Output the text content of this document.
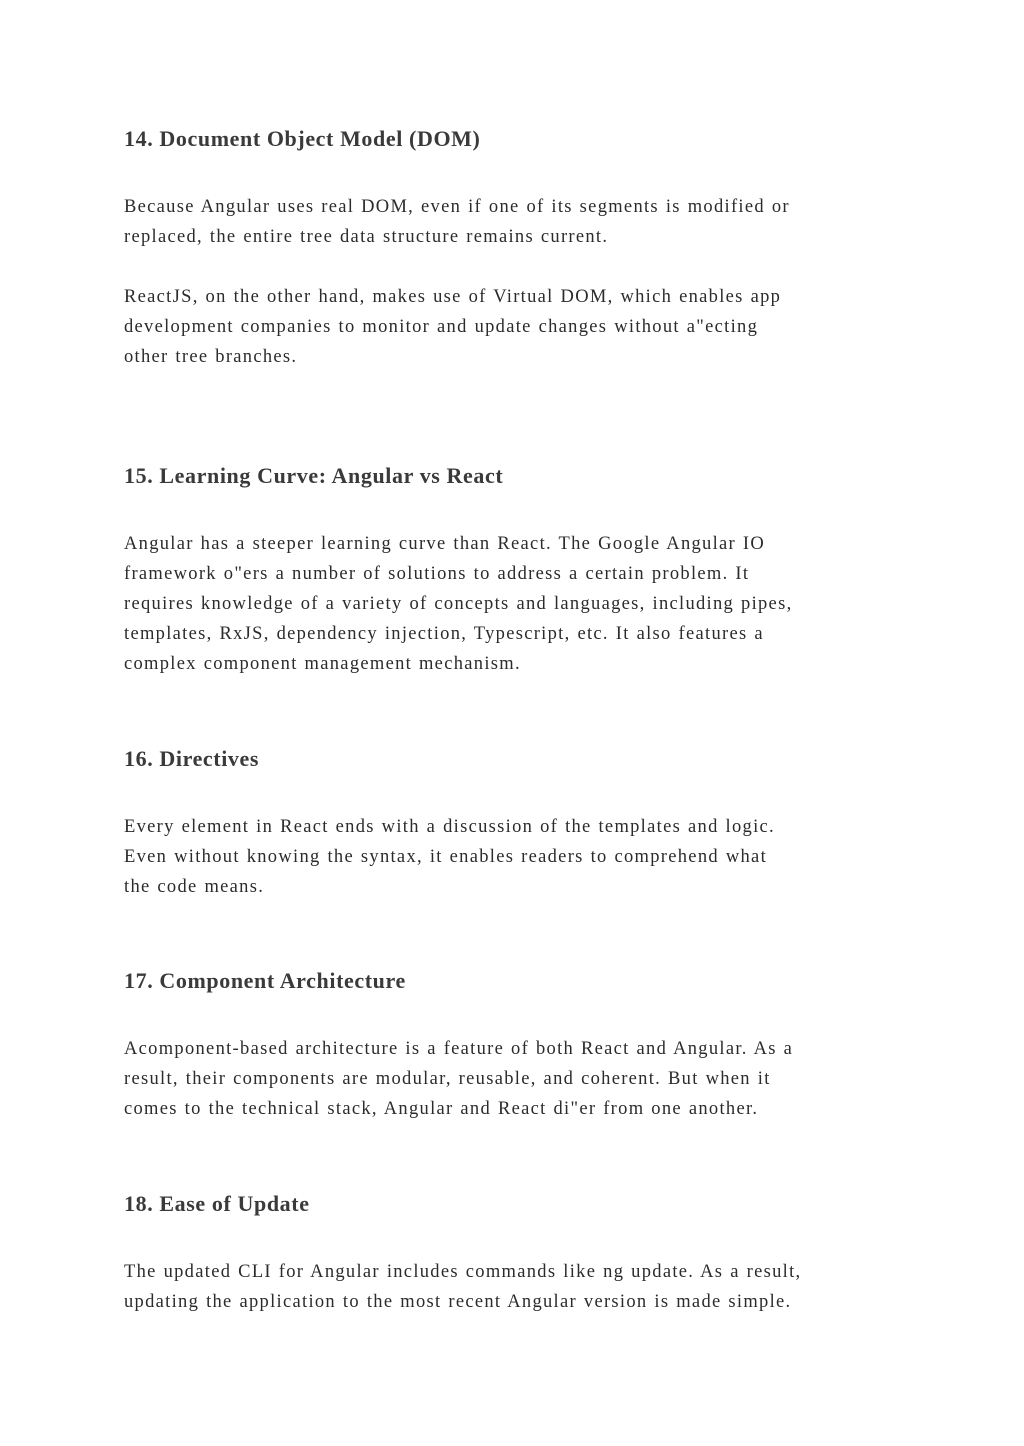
14. Document Object Model (DOM)

Because Angular uses real DOM, even if one of its segments is modified or
replaced, the entire tree data structure remains current.

ReactJS, on the other hand, makes use of Virtual DOM, which enables app
development companies to monitor and update changes without a"ecting
other tree branches.

15. Learning Curve: Angular vs React

Angular has a steeper learning curve than React. The Google Angular IO
framework o"ers a number of solutions to address a certain problem. It
requires knowledge of a variety of concepts and languages, including pipes,
templates, RxJS, dependency injection, Typescript, etc. It also features a
complex component management mechanism.

16. Directives

Every element in React ends with a discussion of the templates and logic.
Even without knowing the syntax, it enables readers to comprehend what
the code means.

17. Component Architecture

Acomponent-based architecture is a feature of both React and Angular. As a
result, their components are modular, reusable, and coherent. But when it
comes to the technical stack, Angular and React di"er from one another.

18. Ease of Update

The updated CLI for Angular includes commands like ng update. As a result,
updating the application to the most recent Angular version is made simple.
